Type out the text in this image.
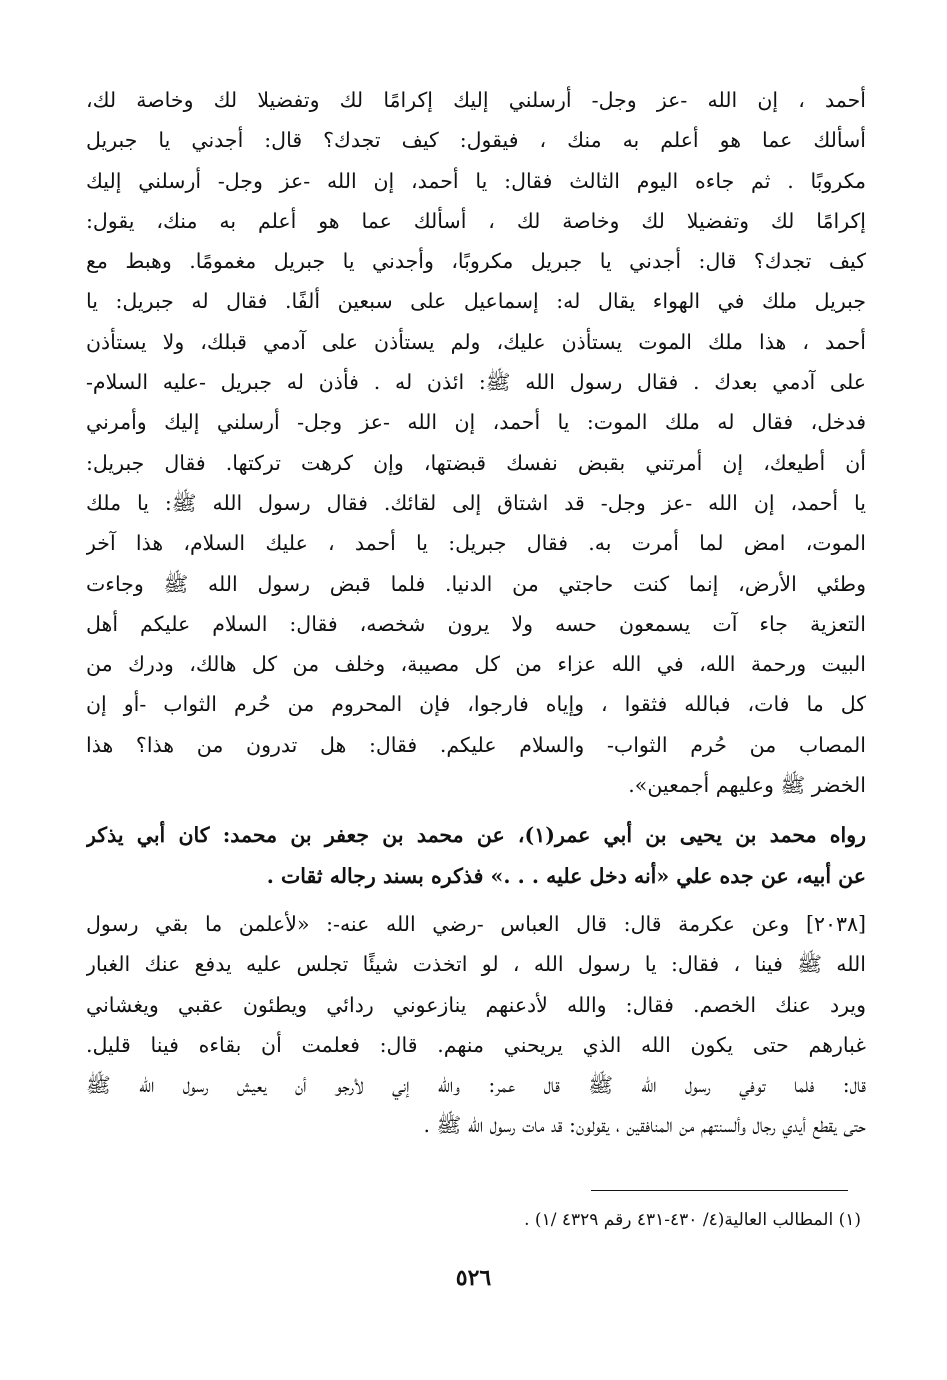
أحمد ، إن الله -عز وجل- أرسلني إليك إكرامًا لك وتفضيلا لك وخاصة لك،
أسألك عما هو أعلم به منك ، فيقول: كيف تجدك؟ قال: أجدني يا جبريل
مكروبًا . ثم جاءه اليوم الثالث فقال: يا أحمد، إن الله -عز وجل- أرسلني إليك
إكرامًا لك وتفضيلا لك وخاصة لك ، أسألك عما هو أعلم به منك، يقول:
كيف تجدك؟ قال: أجدني يا جبريل مكروبًا، وأجدني يا جبريل مغمومًا. وهبط مع
جبريل ملك في الهواء يقال له: إسماعيل على سبعين ألفًا. فقال له جبريل: يا
أحمد ، هذا ملك الموت يستأذن عليك، ولم يستأذن على آدمي قبلك، ولا يستأذن
على آدمي بعدك . فقال رسول الله ﷺ: ائذن له . فأذن له جبريل -عليه السلام-
فدخل، فقال له ملك الموت: يا أحمد، إن الله -عز وجل- أرسلني إليك وأمرني
أن أطيعك، إن أمرتني بقبض نفسك قبضتها، وإن كرهت تركتها. فقال جبريل:
يا أحمد، إن الله -عز وجل- قد اشتاق إلى لقائك. فقال رسول الله ﷺ: يا ملك
الموت، امض لما أمرت به. فقال جبريل: يا أحمد ، عليك السلام، هذا آخر
وطئي الأرض، إنما كنت حاجتي من الدنيا. فلما قبض رسول الله ﷺ وجاءت
التعزية جاء آت يسمعون حسه ولا يرون شخصه، فقال: السلام عليكم أهل
البيت ورحمة الله، في الله عزاء من كل مصيبة، وخلف من كل هالك، ودرك من
كل ما فات، فبالله فثقوا ، وإياه فارجوا، فإن المحروم من حُرم الثواب -أو إن
المصاب من حُرم الثواب- والسلام عليكم. فقال: هل تدرون من هذا؟ هذا
الخضر ﷺ وعليهم أجمعين».
رواه محمد بن يحيى بن أبي عمر(١)، عن محمد بن جعفر بن محمد: كان أبي يذكر
عن أبيه، عن جده علي «أنه دخل عليه . . .» فذكره بسند رجاله ثقات .
[٢٠٣٨] وعن عكرمة قال: قال العباس -رضي الله عنه-: «لأعلمن ما بقي رسول
الله ﷺ فينا ، فقال: يا رسول الله ، لو اتخذت شيئًا تجلس عليه يدفع عنك الغبار
ويرد عنك الخصم. فقال: والله لأدعنهم ينازعوني ردائي ويطئون عقبي ويغشاني
غبارهم حتى يكون الله الذي يريحني منهم. قال: فعلمت أن بقاءه فينا قليل.
قال: فلما توفي رسول الله ﷺ قال عمر: والله إني لأرجو أن يعيش رسول الله ﷺ
حتى يقطع أيدي رجال وألسنتهم من المنافقين ، يقولون: قد مات رسول الله ﷺ .
(١) المطالب العالية(٤/ ٤٣٠-٤٣١ رقم ٤٣٢٩ /١) .
٥٢٦
